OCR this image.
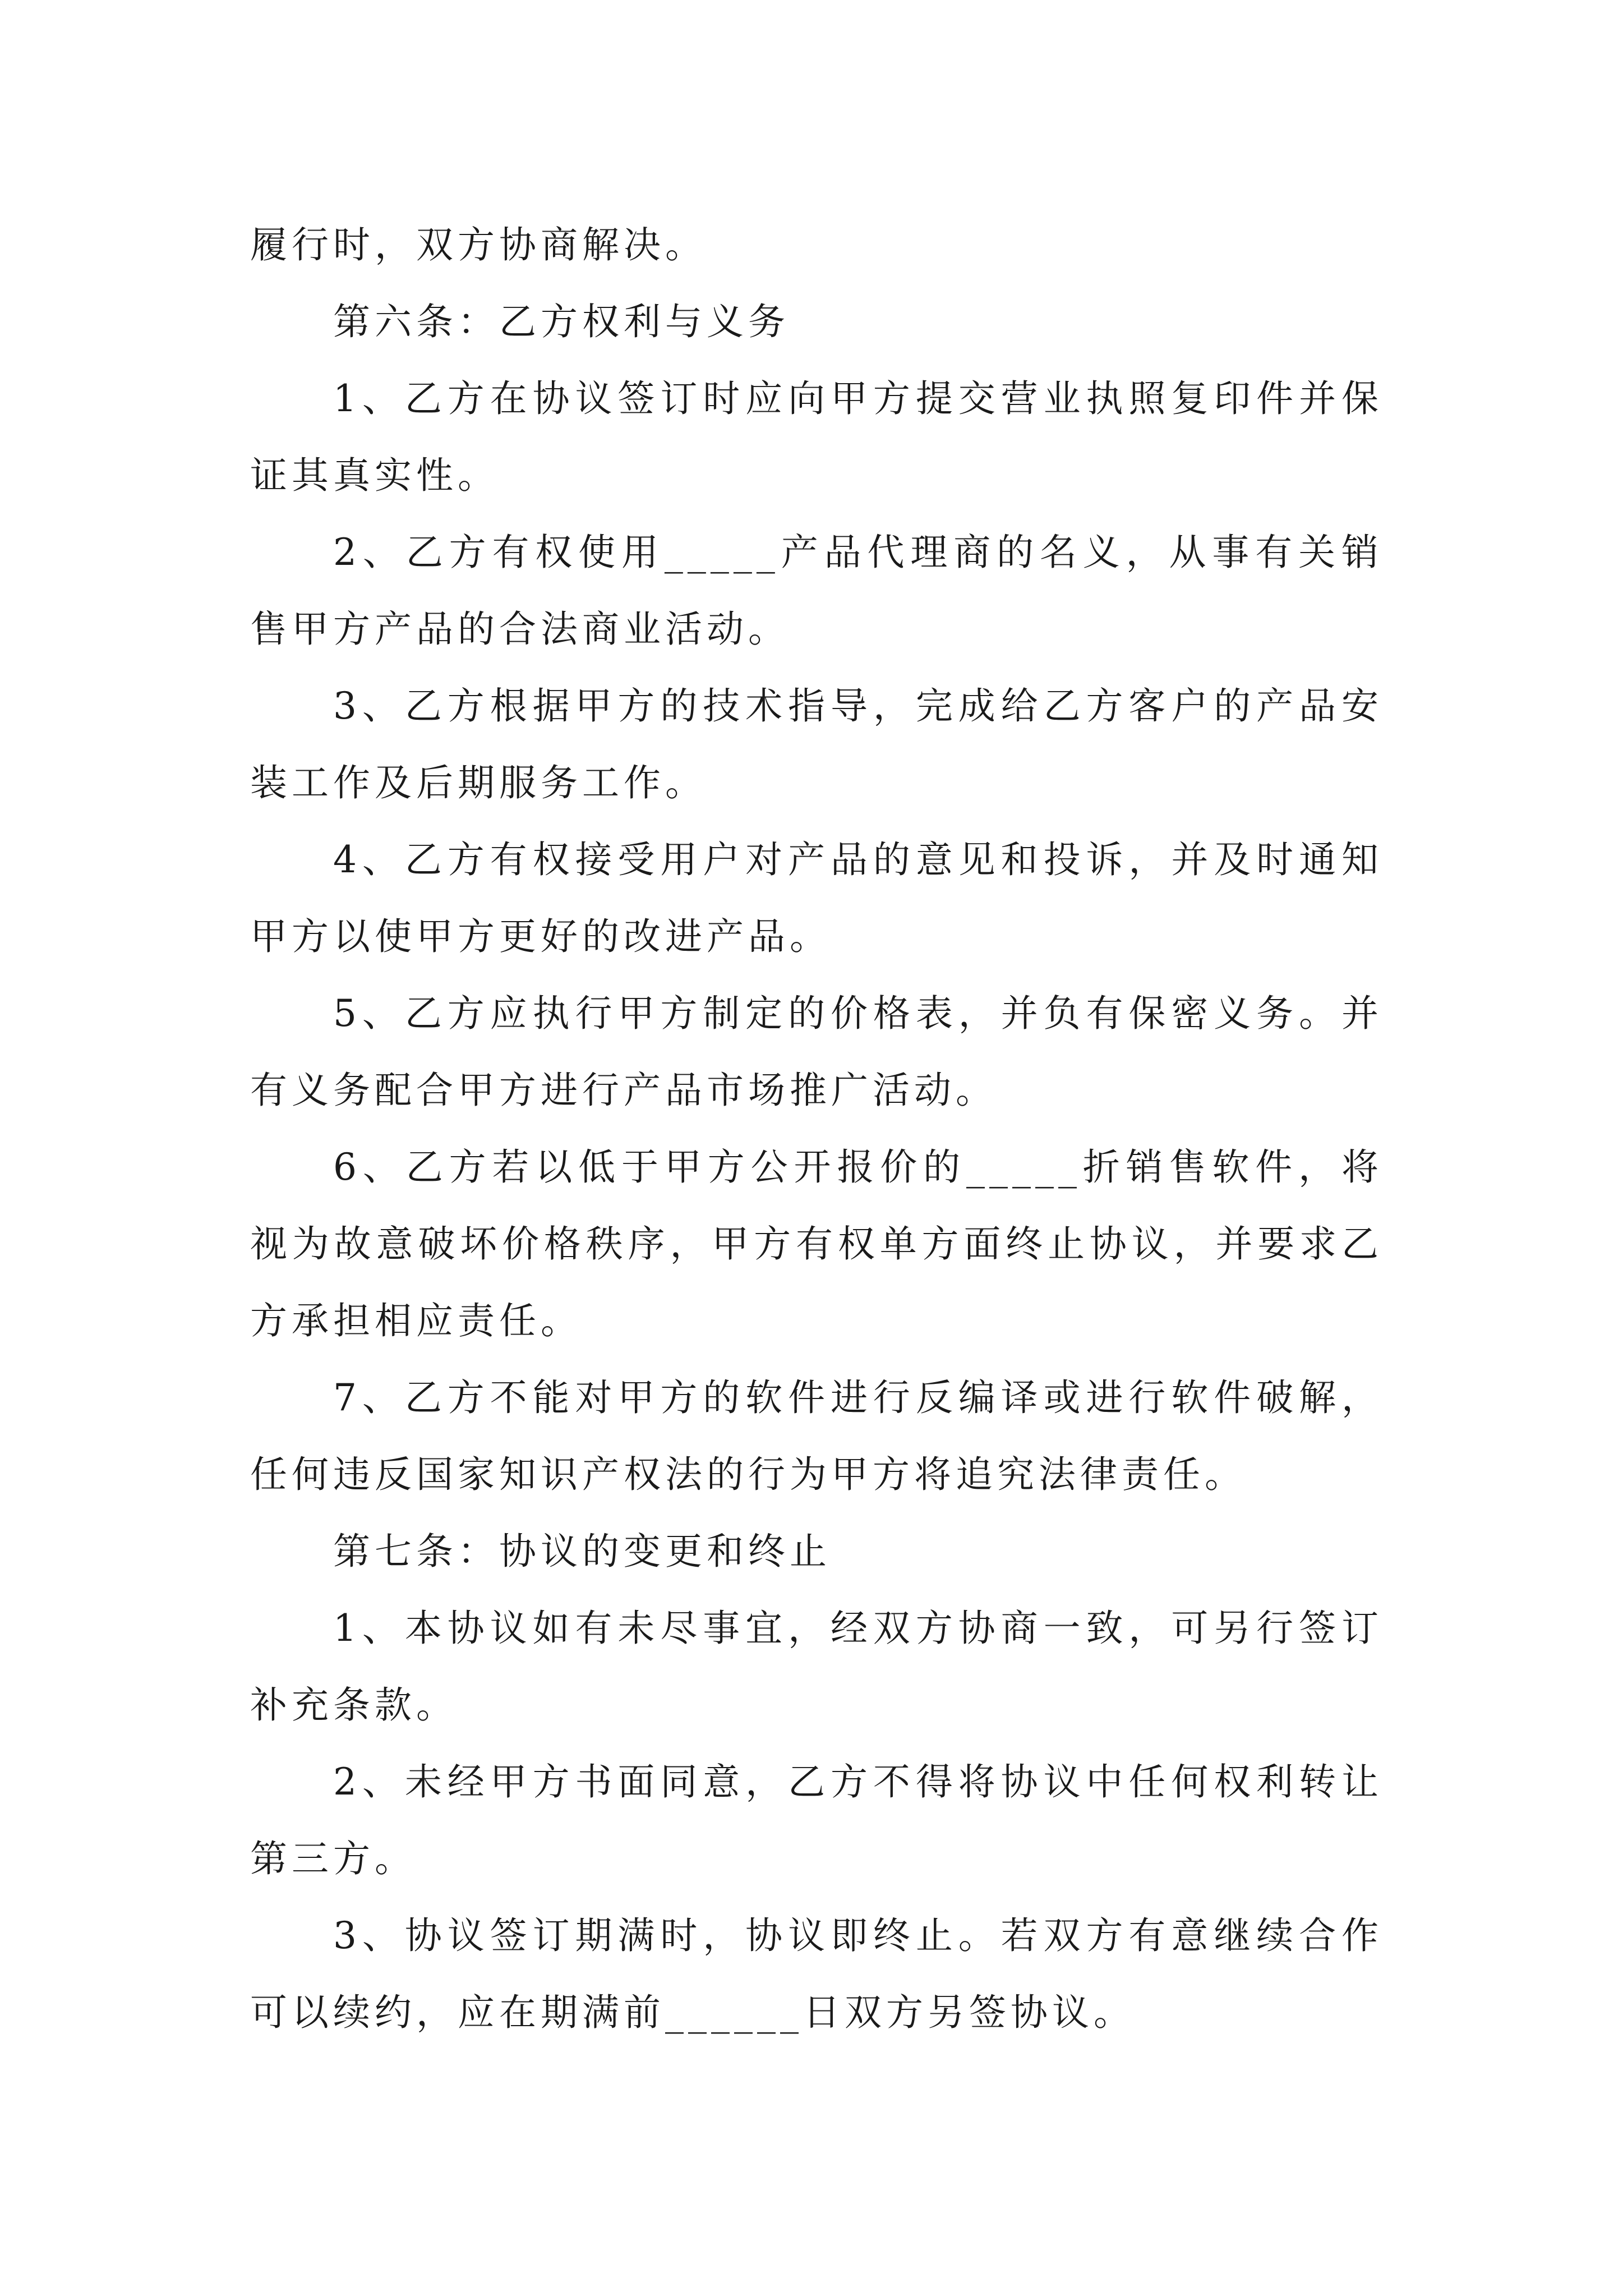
履行时，双方协商解决。

第六条：乙方权利与义务

1、乙方在协议签订时应向甲方提交营业执照复印件并保证其真实性。

2、乙方有权使用_____产品代理商的名义，从事有关销售甲方产品的合法商业活动。

3、乙方根据甲方的技术指导，完成给乙方客户的产品安装工作及后期服务工作。

4、乙方有权接受用户对产品的意见和投诉，并及时通知甲方以使甲方更好的改进产品。

5、乙方应执行甲方制定的价格表，并负有保密义务。并有义务配合甲方进行产品市场推广活动。

6、乙方若以低于甲方公开报价的_____折销售软件，将视为故意破坏价格秩序，甲方有权单方面终止协议，并要求乙方承担相应责任。

7、乙方不能对甲方的软件进行反编译或进行软件破解，任何违反国家知识产权法的行为甲方将追究法律责任。

第七条：协议的变更和终止

1、本协议如有未尽事宜，经双方协商一致，可另行签订补充条款。

2、未经甲方书面同意，乙方不得将协议中任何权利转让第三方。

3、协议签订期满时，协议即终止。若双方有意继续合作可以续约，应在期满前______日双方另签协议。
